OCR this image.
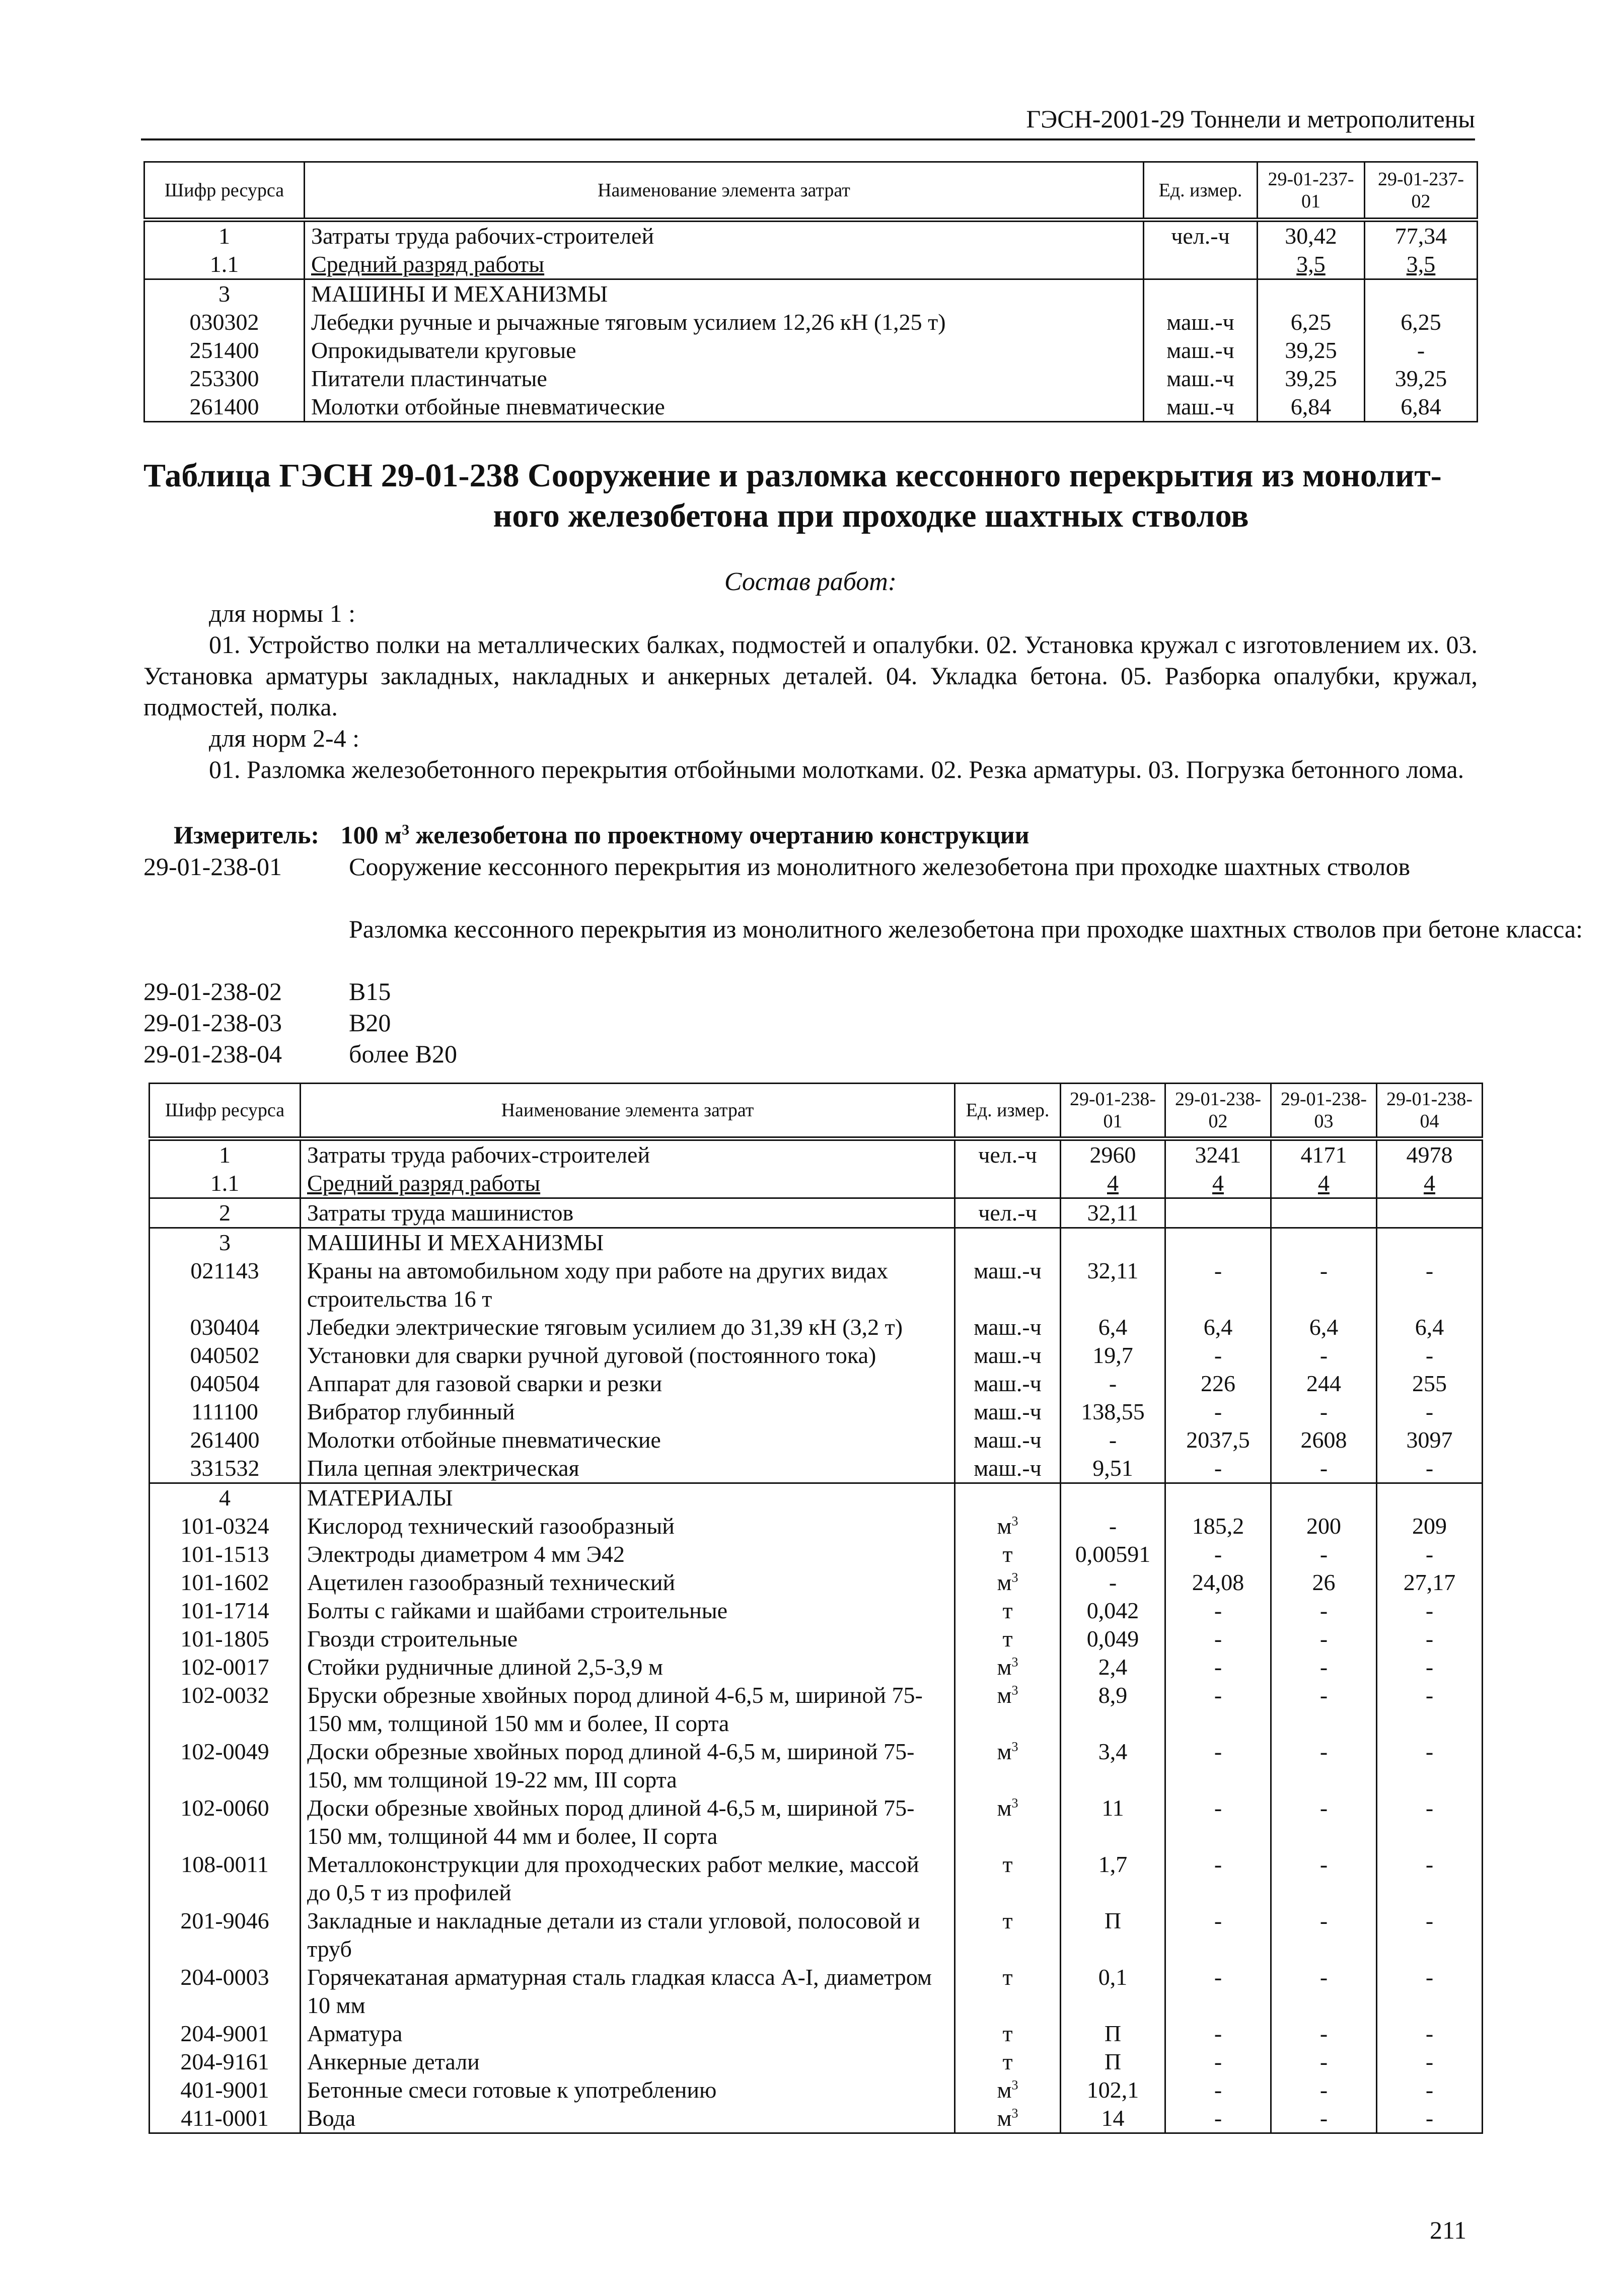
ГЭСН-2001-29 Тоннели и метрополитены
Шифр ресурса	Наименование элемента затрат	Ед. измер.	29-01-237-01	29-01-237-02
1	Затраты труда рабочих-строителей	чел.-ч	30,42	77,34
1.1	Средний разряд работы		3,5	3,5
3	МАШИНЫ И МЕХАНИЗМЫ			
030302	Лебедки ручные и рычажные тяговым усилием 12,26 кН (1,25 т)	маш.-ч	6,25	6,25
251400	Опрокидыватели круговые	маш.-ч	39,25	-
253300	Питатели пластинчатые	маш.-ч	39,25	39,25
261400	Молотки отбойные пневматические	маш.-ч	6,84	6,84
Таблица ГЭСН 29-01-238 Сооружение и разломка кессонного перекрытия из монолит-
ного железобетона при проходке шахтных стволов
Состав работ:
для нормы 1 :
01. Устройство полки на металлических балках, подмостей и опалубки. 02. Установка кружал с изготовлением их. 03. Установка арматуры закладных, накладных и анкерных деталей. 04. Укладка бетона. 05. Разборка опалубки, кружал, подмостей, полка.
для норм 2-4 :
01. Разломка железобетонного перекрытия отбойными молотками. 02. Резка арматуры. 03. Погрузка бетонного лома.
Измеритель: 100 $м^3$ железобетона по проектному очертанию конструкции
29-01-238-01	Сооружение кессонного перекрытия из монолитного железобетона при проходке шахтных стволов
Разломка кессонного перекрытия из монолитного железобетона при проходке шахтных стволов при бетоне класса:
29-01-238-02	В15
29-01-238-03	В20
29-01-238-04	более В20
Шифр ресурса	Наименование элемента затрат	Ед. измер.	29-01-238-01	29-01-238-02	29-01-238-03	29-01-238-04
1	Затраты труда рабочих-строителей	чел.-ч	2960	3241	4171	4978
1.1	Средний разряд работы		4	4	4	4
2	Затраты труда машинистов	чел.-ч	32,11			
3	МАШИНЫ И МЕХАНИЗМЫ					
021143	Краны на автомобильном ходу при работе на других видах строительства 16 т	маш.-ч	32,11	-	-	-
030404	Лебедки электрические тяговым усилием до 31,39 кН (3,2 т)	маш.-ч	6,4	6,4	6,4	6,4
040502	Установки для сварки ручной дуговой (постоянного тока)	маш.-ч	19,7	-	-	-
040504	Аппарат для газовой сварки и резки	маш.-ч	-	226	244	255
111100	Вибратор глубинный	маш.-ч	138,55	-	-	-
261400	Молотки отбойные пневматические	маш.-ч	-	2037,5	2608	3097
331532	Пила цепная электрическая	маш.-ч	9,51	-	-	-
4	МАТЕРИАЛЫ					
101-0324	Кислород технический газообразный	$м^3$	-	185,2	200	209
101-1513	Электроды диаметром 4 мм Э42	т	0,00591	-	-	-
101-1602	Ацетилен газообразный технический	$м^3$	-	24,08	26	27,17
101-1714	Болты с гайками и шайбами строительные	т	0,042	-	-	-
101-1805	Гвозди строительные	т	0,049	-	-	-
102-0017	Стойки рудничные длиной 2,5-3,9 м	$м^3$	2,4	-	-	-
102-0032	Бруски обрезные хвойных пород длиной 4-6,5 м, шириной 75-150 мм, толщиной 150 мм и более, II сорта	$м^3$	8,9	-	-	-
102-0049	Доски обрезные хвойных пород длиной 4-6,5 м, шириной 75-150, мм толщиной 19-22 мм, III сорта	$м^3$	3,4	-	-	-
102-0060	Доски обрезные хвойных пород длиной 4-6,5 м, шириной 75-150 мм, толщиной 44 мм и более, II сорта	$м^3$	11	-	-	-
108-0011	Металлоконструкции для проходческих работ мелкие, массой до 0,5 т из профилей	т	1,7	-	-	-
201-9046	Закладные и накладные детали из стали угловой, полосовой и труб	т	П	-	-	-
204-0003	Горячекатаная арматурная сталь гладкая класса А-I, диаметром 10 мм	т	0,1	-	-	-
204-9001	Арматура	т	П	-	-	-
204-9161	Анкерные детали	т	П	-	-	-
401-9001	Бетонные смеси готовые к употреблению	$м^3$	102,1	-	-	-
411-0001	Вода	$м^3$	14	-	-	-
211
